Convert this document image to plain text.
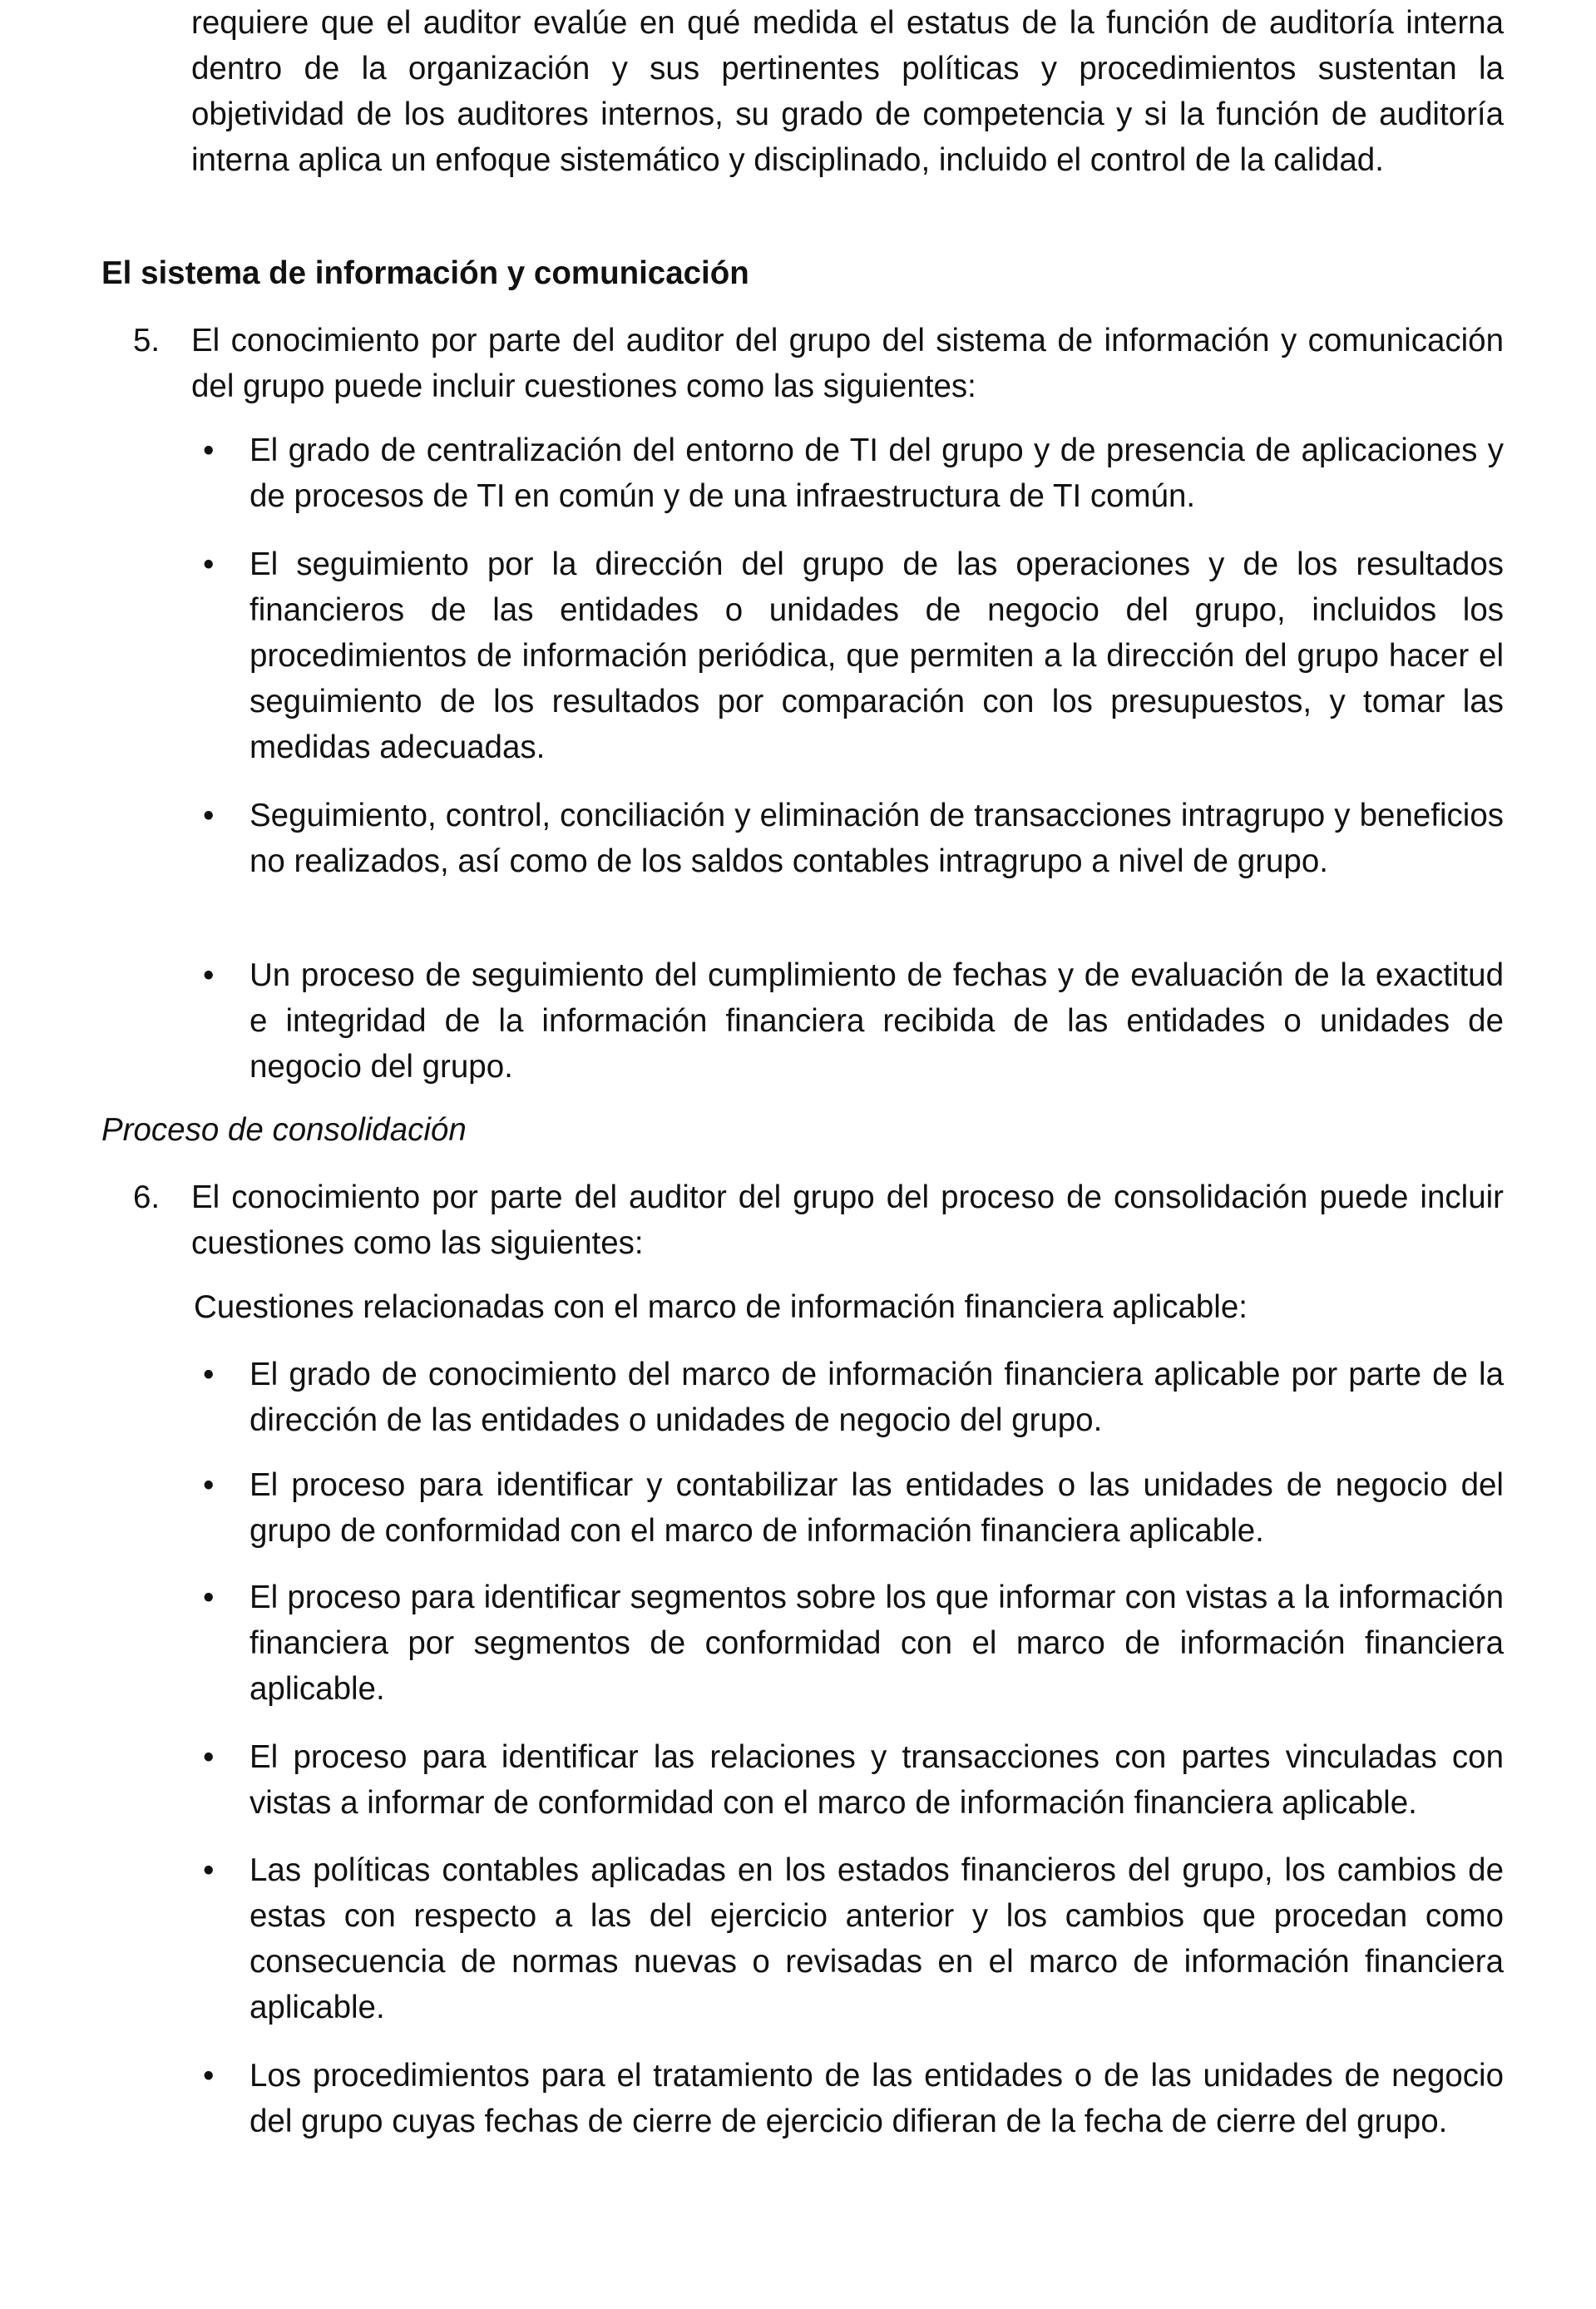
requiere que el auditor evalúe en qué medida el estatus de la función de auditoría interna dentro de la organización y sus pertinentes políticas y procedimientos sustentan la objetividad de los auditores internos, su grado de competencia y si la función de auditoría interna aplica un enfoque sistemático y disciplinado, incluido el control de la calidad.

El sistema de información y comunicación

5. El conocimiento por parte del auditor del grupo del sistema de información y comunicación del grupo puede incluir cuestiones como las siguientes:

•	El grado de centralización del entorno de TI del grupo y de presencia de aplicaciones y de procesos de TI en común y de una infraestructura de TI común.

•	El seguimiento por la dirección del grupo de las operaciones y de los resultados financieros de las entidades o unidades de negocio del grupo, incluidos los procedimientos de información periódica, que permiten a la dirección del grupo hacer el seguimiento de los resultados por comparación con los presupuestos, y tomar las medidas adecuadas.

•	Seguimiento, control, conciliación y eliminación de transacciones intragrupo y beneficios no realizados, así como de los saldos contables intragrupo a nivel de grupo.

•	Un proceso de seguimiento del cumplimiento de fechas y de evaluación de la exactitud e integridad de la información financiera recibida de las entidades o unidades de negocio del grupo.

Proceso de consolidación

6. El conocimiento por parte del auditor del grupo del proceso de consolidación puede incluir cuestiones como las siguientes:

Cuestiones relacionadas con el marco de información financiera aplicable:

•	El grado de conocimiento del marco de información financiera aplicable por parte de la dirección de las entidades o unidades de negocio del grupo.

•	El proceso para identificar y contabilizar las entidades o las unidades de negocio del grupo de conformidad con el marco de información financiera aplicable.

•	El proceso para identificar segmentos sobre los que informar con vistas a la información financiera por segmentos de conformidad con el marco de información financiera aplicable.

•	El proceso para identificar las relaciones y transacciones con partes vinculadas con vistas a informar de conformidad con el marco de información financiera aplicable.

•	Las políticas contables aplicadas en los estados financieros del grupo, los cambios de estas con respecto a las del ejercicio anterior y los cambios que procedan como consecuencia de normas nuevas o revisadas en el marco de información financiera aplicable.

•	Los procedimientos para el tratamiento de las entidades o de las unidades de negocio del grupo cuyas fechas de cierre de ejercicio difieran de la fecha de cierre del grupo.
